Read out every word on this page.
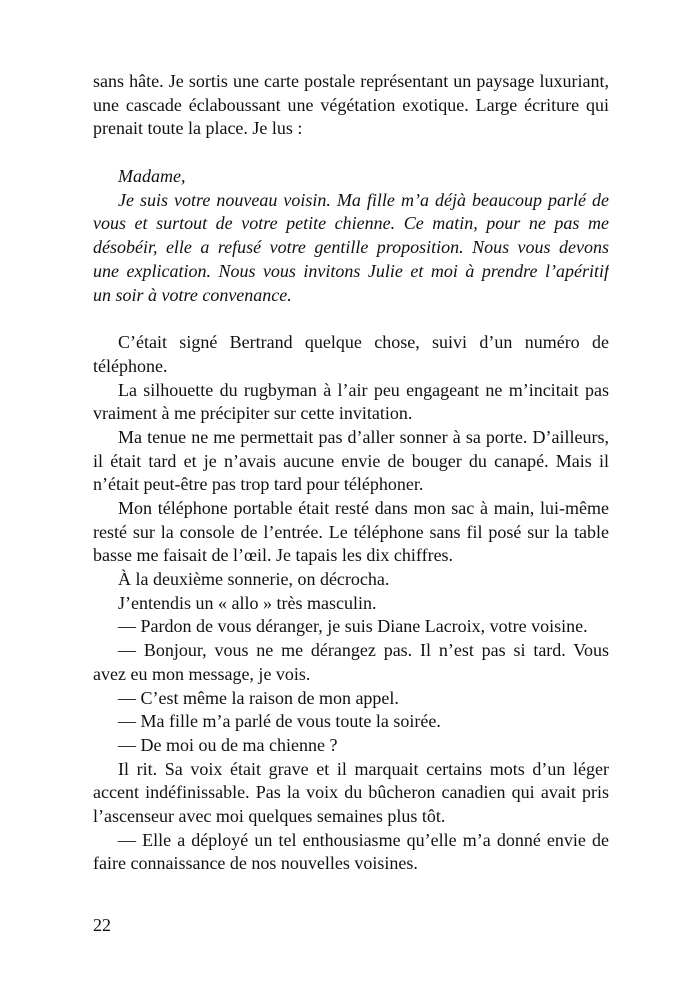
sans hâte. Je sortis une carte postale représentant un paysage luxuriant,
une cascade éclaboussant une végétation exotique. Large écriture qui
prenait toute la place. Je lus :
Madame,
Je suis votre nouveau voisin. Ma fille m’a déjà beaucoup parlé de
vous et surtout de votre petite chienne. Ce matin, pour ne pas me
désobéir, elle a refusé votre gentille proposition. Nous vous devons
une explication. Nous vous invitons Julie et moi à prendre l’apéritif
un soir à votre convenance.
C’était signé Bertrand quelque chose, suivi d’un numéro de
téléphone.
La silhouette du rugbyman à l’air peu engageant ne m’incitait pas
vraiment à me précipiter sur cette invitation.
Ma tenue ne me permettait pas d’aller sonner à sa porte. D’ailleurs,
il était tard et je n’avais aucune envie de bouger du canapé. Mais il
n’était peut-être pas trop tard pour téléphoner.
Mon téléphone portable était resté dans mon sac à main, lui-même
resté sur la console de l’entrée. Le téléphone sans fil posé sur la table
basse me faisait de l’œil. Je tapais les dix chiffres.
À la deuxième sonnerie, on décrocha.
J’entendis un « allo » très masculin.
— Pardon de vous déranger, je suis Diane Lacroix, votre voisine.
— Bonjour, vous ne me dérangez pas. Il n’est pas si tard. Vous
avez eu mon message, je vois.
— C’est même la raison de mon appel.
— Ma fille m’a parlé de vous toute la soirée.
— De moi ou de ma chienne ?
Il rit. Sa voix était grave et il marquait certains mots d’un léger
accent indéfinissable. Pas la voix du bûcheron canadien qui avait pris
l’ascenseur avec moi quelques semaines plus tôt.
— Elle a déployé un tel enthousiasme qu’elle m’a donné envie de
faire connaissance de nos nouvelles voisines.
22
